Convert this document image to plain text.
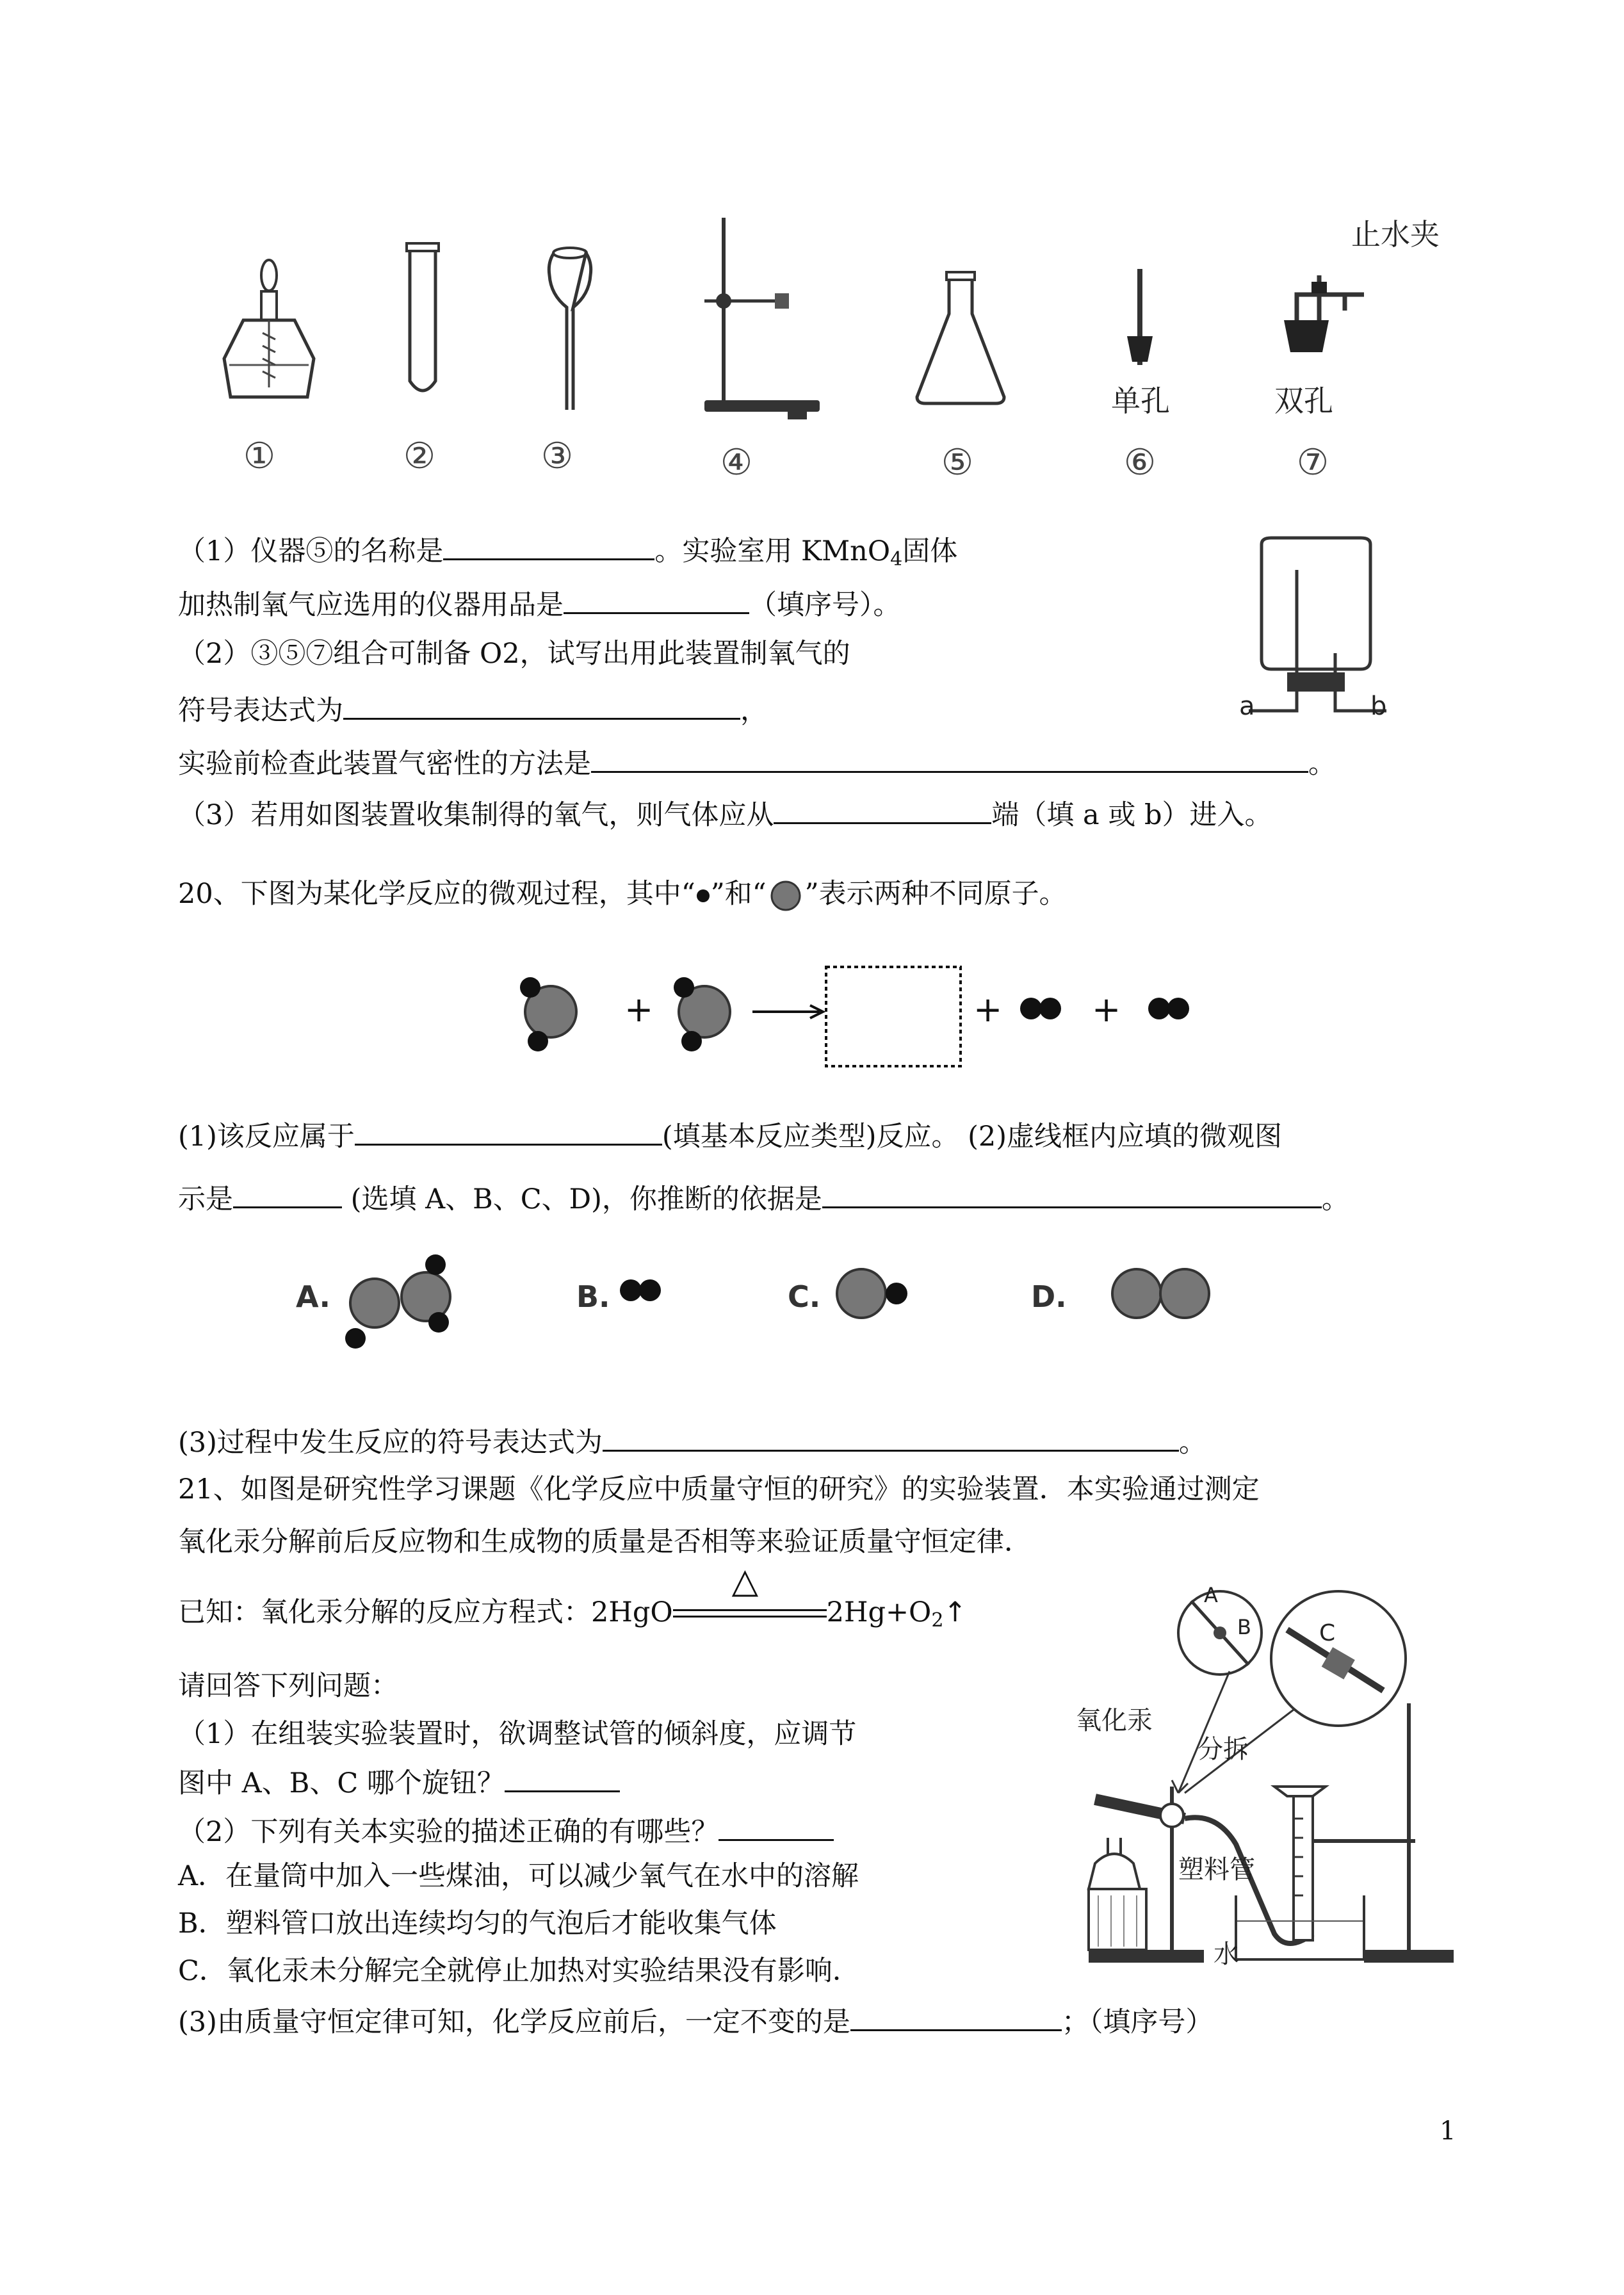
止水夹
单孔	双孔
①	②	③	④	⑤	⑥	⑦
（1）仪器⑤的名称是	。实验室用 KMnO$_4$固体
加热制氧气应选用的仪器用品是	（填序号）。
（2）③⑤⑦组合可制备 O2，试写出用此装置制氧气的
符号表达式为	，
实验前检查此装置气密性的方法是	。
（3）若用如图装置收集制得的氧气，则气体应从	端（填 a 或 b）进入。
a	b
20、下图为某化学反应的微观过程，其中“ ”和“ ”表示两种不同原子。
+	+	+
(1)该反应属于	(填基本反应类型)反应。 (2)虚线框内应填的微观图
示是	(选填 A、B、C、D)，你推断的依据是	。
A.	B.	C.	D.
(3)过程中发生反应的符号表达式为	。
21、如图是研究性学习课题《化学反应中质量守恒的研究》的实验装置．本实验通过测定
氧化汞分解前后反应物和生成物的质量是否相等来验证质量守恒定律．
已知：氧化汞分解的反应方程式：2HgO
△
$2Hg+O_2↑$
请回答下列问题：
（1）在组装实验装置时，欲调整试管的倾斜度，应调节
图中 A、B、C 哪个旋钮？
（2）下列有关本实验的描述正确的有哪些？
A．在量筒中加入一些煤油，可以减少氧气在水中的溶解
B．塑料管口放出连续均匀的气泡后才能收集气体
C．氧化汞未分解完全就停止加热对实验结果没有影响．
(3)由质量守恒定律可知，化学反应前后，一定不变的是	；（填序号）
氧化汞
分拆
塑料管
水
A
B	C
1
